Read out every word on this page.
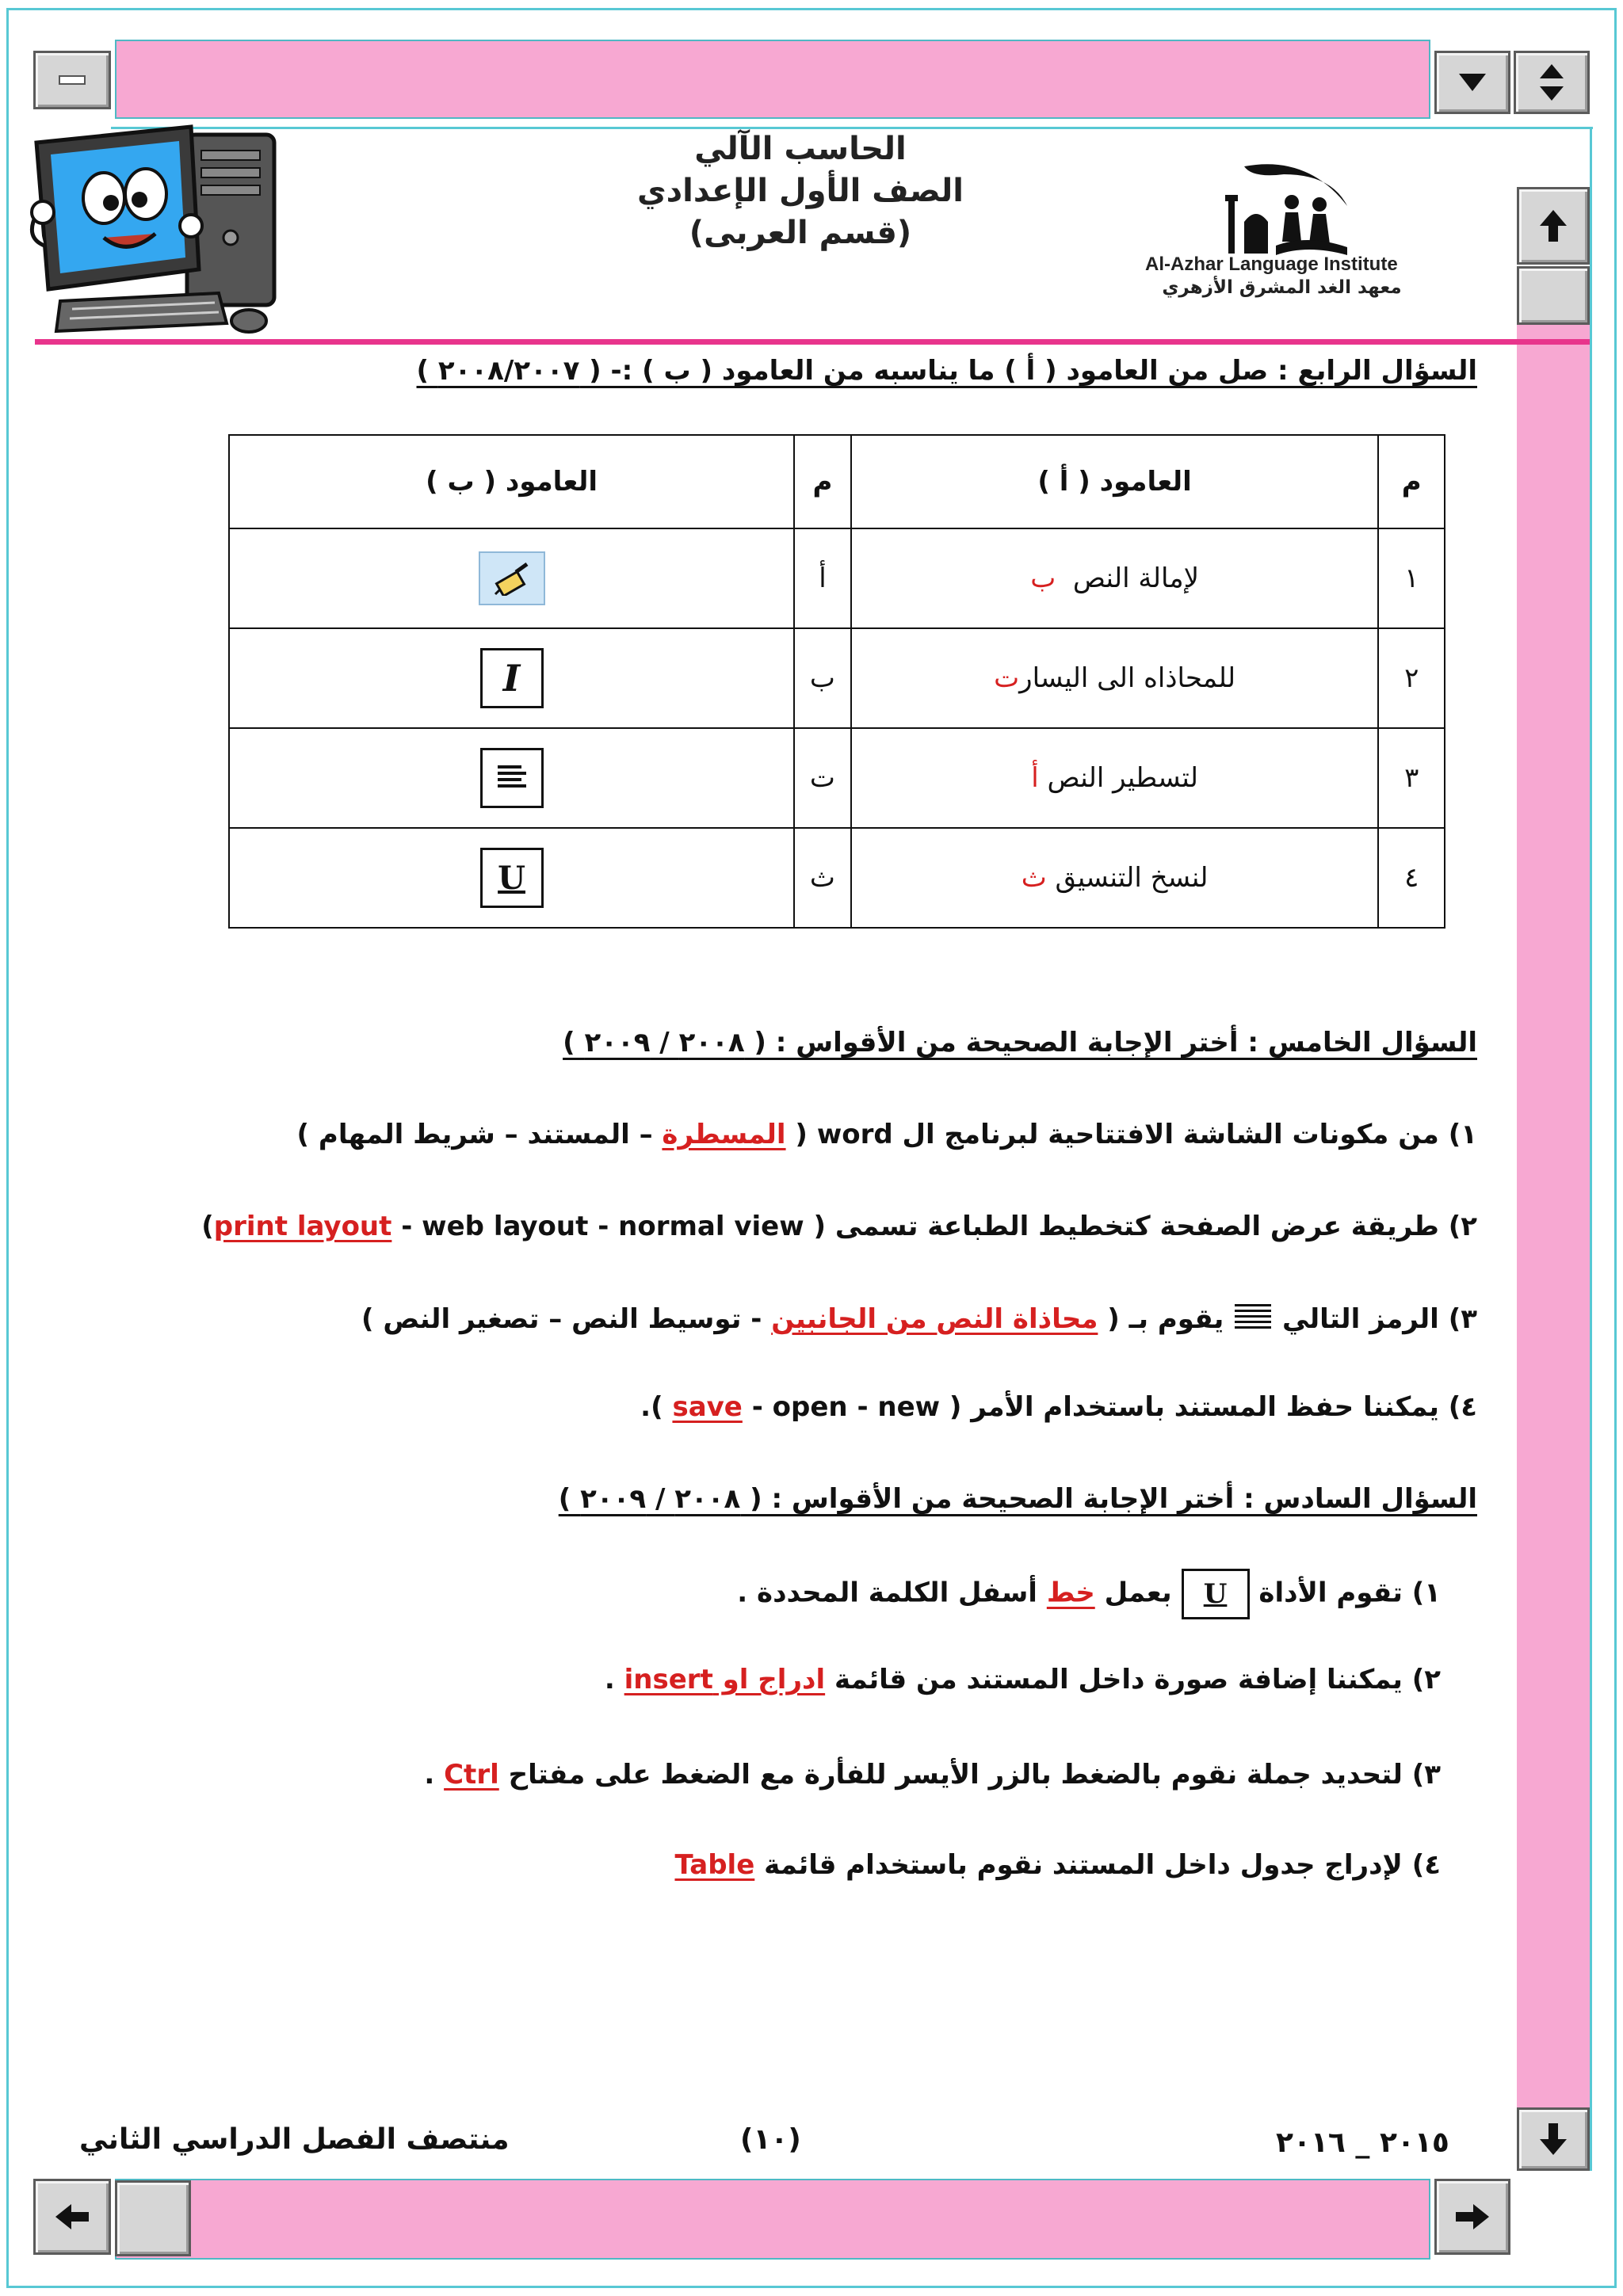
الحاسب الآلي
الصف الأول الإعدادي
(قسم العربى)
Al-Azhar Language Institute
معهد الغد المشرق الأزهري
السؤال الرابع : صل من العامود ( أ ) ما يناسبه من العامود ( ب ) :- ( ٢٠٠٨/٢٠٠٧ )
م	العامود ( أ )	م	العامود ( ب )
١	لإمالة النص  ب	أ	

٢	للمحاذاه الى اليسارت	ب	I
٣	لتسطير النص أ	ت	

٤	لنسخ التنسيق ث	ث	U
السؤال الخامس : أختر الإجابة الصحيحة من الأقواس : ( ٢٠٠٨ / ٢٠٠٩ )
١) من مكونات الشاشة الافتتاحية لبرنامج ال word ( المسطرة – المستند – شريط المهام )
٢) طريقة عرض الصفحة كتخطيط الطباعة تسمى ( print layout - web layout - normal view)
٣) الرمز التالي  يقوم بـ ( محاذاة النص من الجانبين - توسيط النص – تصغير النص )
٤) يمكننا حفظ المستند باستخدام الأمر ( save - open - new ).
السؤال السادس : أختر الإجابة الصحيحة من الأقواس : ( ٢٠٠٨ / ٢٠٠٩ )
١) تقوم الأداة U بعمل خط أسفل الكلمة المحددة .
٢) يمكننا إضافة صورة داخل المستند من قائمة ادراج او insert .
٣) لتحديد جملة نقوم بالضغط بالزر الأيسر للفأرة مع الضغط على مفتاح Ctrl .
٤) لإدراج جدول داخل المستند نقوم باستخدام قائمة Table
منتصف الفصل الدراسي الثاني	(١٠)	٢٠١٥ _ ٢٠١٦
